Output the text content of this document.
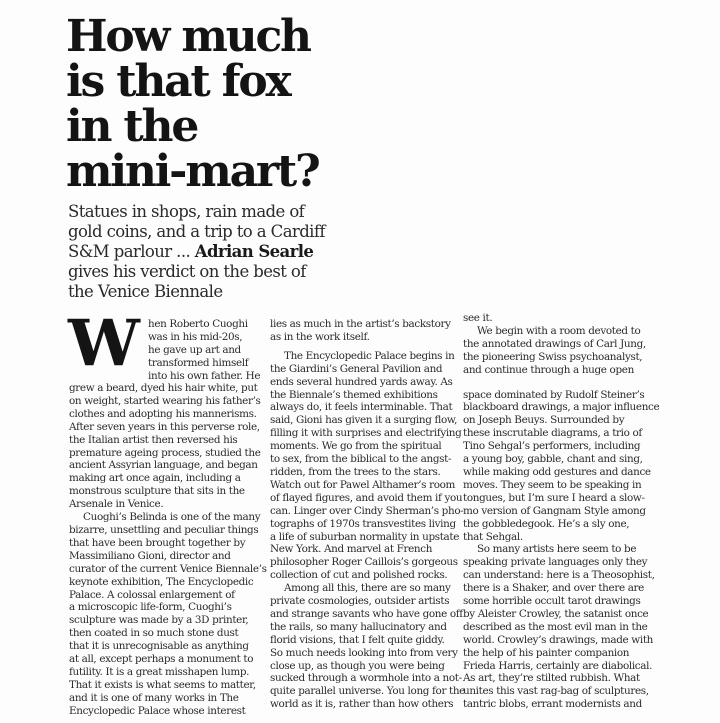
How much
is that fox
in the
mini-mart?
Statues in shops, rain made of
gold coins, and a trip to a Cardiff
S&M parlour ... Adrian Searle
gives his verdict on the best of
the Venice Biennale
W hen Roberto Cuoghi

was in his mid-20s,

he gave up art and

transformed himself

into his own father. He

grew a beard, dyed his hair white, put

on weight, started wearing his father’s

clothes and adopting his mannerisms.

After seven years in this perverse role,

the Italian artist then reversed his

premature ageing process, studied the

ancient Assyrian language, and began

making art once again, including a

monstrous sculpture that sits in the

Arsenale in Venice.

Cuoghi’s Belinda is one of the many

bizarre, unsettling and peculiar things

that have been brought together by

Massimiliano Gioni, director and

curator of the current Venice Biennale’s

keynote exhibition, The Encyclopedic

Palace. A colossal enlargement of

a microscopic life-form, Cuoghi’s

sculpture was made by a 3D printer,

then coated in so much stone dust

that it is unrecognisable as anything

at all, except perhaps a monument to

futility. It is a great misshapen lump.

That it exists is what seems to matter,

and it is one of many works in The

Encyclopedic Palace whose interest

lies as much in the artist’s backstory

as in the work itself.

The Encyclopedic Palace begins in

the Giardini’s General Pavilion and

ends several hundred yards away. As

the Biennale’s themed exhibitions

always do, it feels interminable. That

said, Gioni has given it a surging flow,

filling it with surprises and electrifying

moments. We go from the spiritual

to sex, from the biblical to the angst-

ridden, from the trees to the stars.

Watch out for Pawel Althamer’s room

of flayed figures, and avoid them if you

can. Linger over Cindy Sherman’s pho-

tographs of 1970s transvestites living

a life of suburban normality in upstate

New York. And marvel at French

philosopher Roger Caillois’s gorgeous

collection of cut and polished rocks.

Among all this, there are so many

private cosmologies, outsider artists

and strange savants who have gone off

the rails, so many hallucinatory and

florid visions, that I felt quite giddy.

So much needs looking into from very

close up, as though you were being

sucked through a wormhole into a not-

quite parallel universe. You long for the

world as it is, rather than how others

see it.

We begin with a room devoted to

the annotated drawings of Carl Jung,

the pioneering Swiss psychoanalyst,

and continue through a huge open

space dominated by Rudolf Steiner’s

blackboard drawings, a major influence

on Joseph Beuys. Surrounded by

these inscrutable diagrams, a trio of

Tino Sehgal’s performers, including

a young boy, gabble, chant and sing,

while making odd gestures and dance

moves. They seem to be speaking in

tongues, but I’m sure I heard a slow-

mo version of Gangnam Style among

the gobbledegook. He’s a sly one,

that Sehgal.

So many artists here seem to be

speaking private languages only they

can understand: here is a Theosophist,

there is a Shaker, and over there are

some horrible occult tarot drawings

by Aleister Crowley, the satanist once

described as the most evil man in the

world. Crowley’s drawings, made with

the help of his painter companion

Frieda Harris, certainly are diabolical.

As art, they’re stilted rubbish. What

unites this vast rag-bag of sculptures,

tantric blobs, errant modernists and
